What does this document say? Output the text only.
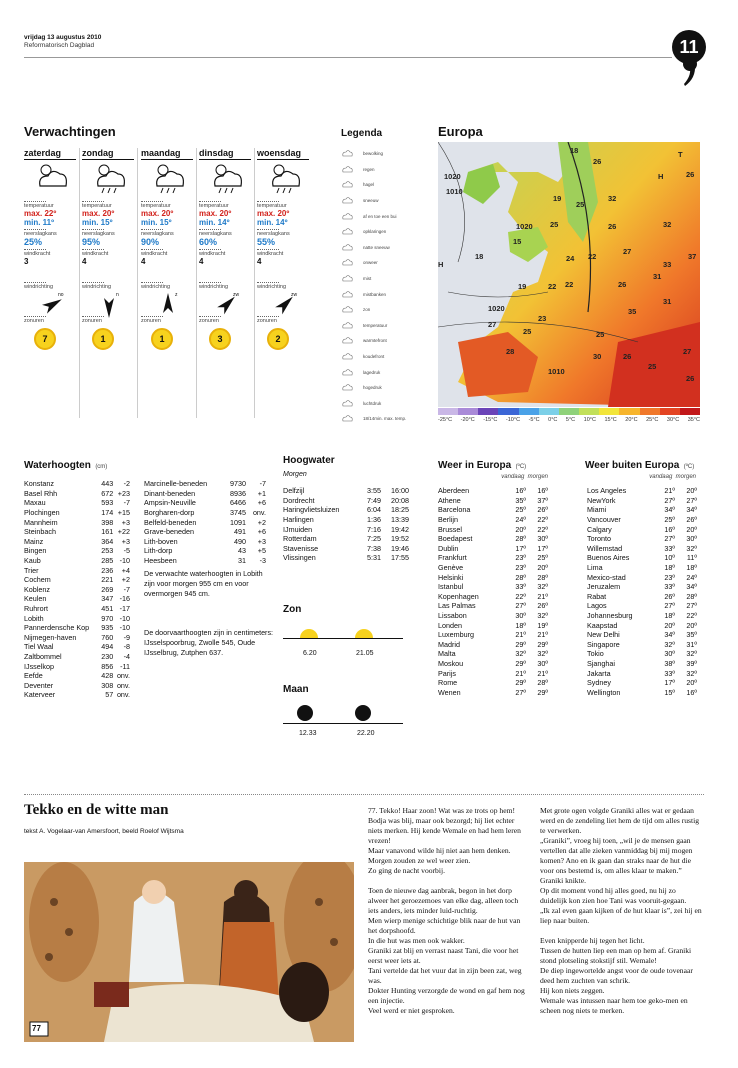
vrijdag 13 augustus 2010
Reformatorisch Dagblad	11
Verwachtingen
zaterdag
temperatuur
max. 22º
min. 11º
neerslagkans
25%
windkracht
3
windrichting
no
zonuren
7
zondag
temperatuur
max. 20º
min. 15º
neerslagkans
95%
windkracht
4
windrichting
n
zonuren
1
maandag
temperatuur
max. 20º
min. 15º
neerslagkans
90%
windkracht
4
windrichting
z
zonuren
1
dinsdag
temperatuur
max. 20º
min. 14º
neerslagkans
60%
windkracht
4
windrichting
zw
zonuren
3
woensdag
temperatuur
max. 20º
min. 14º
neerslagkans
55%
windkracht
4
windrichting
zw
zonuren
2
Legenda
bewolking
regen
hagel
sneeuw
af en toe een bui
opklaringen
natte sneeuw
onweer
mist
mistbanken
zon
temperatuur
warmtefront
koudefront
lagedruk
hogedruk
luchtdruk
18/14 min. max. temp.
Europa
18
26
26
19
25
32
25
1020
15
26
18
27
24 22
32
33
22	26
31
31
19	22
25
27
28
23
25
30	26
25
27
26
1010
1020
1010
1020
H
H
T
37
35
-25°C -20°C -15°C -10°C -5°C 0°C 5°C 10°C 15°C 20°C 25°C 30°C 35°C
Waterhoogten (cm)
Konstanz	443	-2
Basel Rhh	672	+23
Maxau	593	-7
Plochingen	174	+15
Mannheim	398	+3
Steinbach	161	+22
Mainz	364	+3
Bingen	253	-5
Kaub	285	-10
Trier	236	+4
Cochem	221	+2
Koblenz	269	-7
Keulen	347	-16
Ruhrort	451	-17
Lobith	970	-10
Pannerdensche Kop	935	-10
Nijmegen-haven	760	-9
Tiel Waal	494	-8
Zaltbommel	230	-4
IJsselkop	856	-11
Eefde	428	onv.
Deventer	308	onv.
Katerveer	57	onv.
Marcinelle-beneden	9730	-7
Dinant-beneden	8936	+1
Ampsin-Neuville	6466	+6
Borgharen-dorp	3745	onv.
Belfeld-beneden	1091	+2
Grave-beneden	491	+6
Lith-boven	490	+3
Lith-dorp	43	+5
Heesbeen	31	-3
De verwachte waterhoogten in Lobith zijn voor morgen 955 cm en voor overmorgen 945 cm.
De doorvaarthoogten zijn in centimeters: IJsselspoorbrug, Zwolle 545, Oude IJsselbrug, Zutphen 637.
Hoogwater
Morgen
Delfzijl	3:55	16:00
Dordrecht	7:49	20:08
Haringvlietsluizen	6:04	18:25
Harlingen	1:36	13:39
IJmuiden	7:16	19:42
Rotterdam	7:25	19:52
Stavenisse	7:38	19:46
Vlissingen	5:31	17:55
Zon
6.20	21.05
Maan
12.33	22.20
Weer in Europa (ºC)
vandaag morgen
Aberdeen	16º	16º
Athene	35º	37º
Barcelona	25º	26º
Berlijn	24º	22º
Brussel	20º	22º
Boedapest	28º	30º
Dublin	17º	17º
Frankfurt	23º	25º
Genève	23º	20º
Helsinki	28º	28º
Istanbul	33º	32º
Kopenhagen	22º	21º
Las Palmas	27º	26º
Lissabon	30º	32º
Londen	18º	19º
Luxemburg	21º	21º
Madrid	29º	29º
Malta	32º	32º
Moskou	29º	30º
Parijs	21º	21º
Rome	29º	28º
Wenen	27º	29º
Weer buiten Europa (ºC)
vandaag morgen
Los Angeles	21º	20º
NewYork	27º	27º
Miami	34º	34º
Vancouver	25º	26º
Calgary	16º	20º
Toronto	27º	30º
Willemstad	33º	32º
Buenos Aires	10º	11º
Lima	18º	18º
Mexico-stad	23º	24º
Jeruzalem	33º	34º
Rabat	26º	28º
Lagos	27º	27º
Johannesburg	18º	22º
Kaapstad	20º	20º
New Delhi	34º	35º
Singapore	32º	31º
Tokio	30º	32º
Sjanghai	38º	39º
Jakarta	33º	32º
Sydney	17º	20º
Wellington	15º	16º
Tekko en de witte man
tekst A. Vogelaar-van Amersfoort, beeld Roelof Wijtsma
77
77. Tekko! Haar zoon! Wat was ze trots op hem!
Bodja was blij, maar ook bezorgd; hij liet echter niets merken. Hij kende Wemale en had hem leren vrezen!
Maar vanavond wilde hij niet aan hem denken.
Morgen zouden ze wel weer zien.
Zo ging de nacht voorbij.
Toen de nieuwe dag aanbrak, begon in het dorp alweer het geroezemoes van elke dag, alleen toch iets anders, iets minder luid-ruchtig.
Men wierp menige schichtige blik naar de hut van het dorpshoofd.
In die hut was men ook wakker.
Graniki zat blij en verrast naast Tani, die voor het eerst weer iets at.
Tani vertelde dat het vuur dat in zijn been zat, weg was.
Dokter Hunting verzorgde de wond en gaf hem nog een injectie.
Veel werd er niet gesproken.
Met grote ogen volgde Graniki alles wat er gedaan werd en de zendeling liet hem de tijd om alles rustig te verwerken.
„Graniki”, vroeg hij toen, „wil je de mensen gaan vertellen dat alle zieken vanmiddag bij mij mogen komen? Ano en ik gaan dan straks naar de hut die voor ons bestemd is, om alles klaar te maken.”
Graniki knikte.
Op dit moment vond hij alles goed, nu hij zo duidelijk kon zien hoe Tani was vooruit-gegaan.
„Ik zal even gaan kijken of de hut klaar is”, zei hij en liep naar buiten.
Even knipperde hij tegen het licht.
Tussen de hutten liep een man op hem af. Graniki stond plotseling stokstijf stil. Wemale!
De diep ingewortelde angst voor de oude tovenaar deed hem zuchten van schrik.
Hij kon niets zeggen.
Wemale was intussen naar hem toe geko-men en scheen nog niets te merken.
